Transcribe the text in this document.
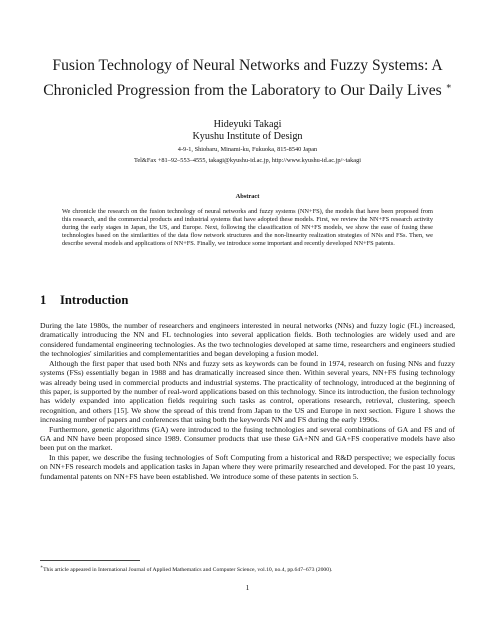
Fusion Technology of Neural Networks and Fuzzy Systems: A Chronicled Progression from the Laboratory to Our Daily Lives ∗
Hideyuki Takagi
Kyushu Institute of Design
4-9-1, Shiobaru, Minami-ku, Fukuoka, 815-8540 Japan
Tel&Fax +81–92–553–4555, takagi@kyushu-id.ac.jp, http://www.kyushu-id.ac.jp/~takagi
Abstract
We chronicle the research on the fusion technology of neural networks and fuzzy systems (NN+FS), the models that have been proposed from this research, and the commercial products and industrial systems that have adopted these models. First, we review the NN+FS research activity during the early stages in Japan, the US, and Europe. Next, following the classification of NN+FS models, we show the ease of fusing these technologies based on the similarities of the data flow network structures and the non-linearity realization strategies of NNs and FSs. Then, we describe several models and applications of NN+FS. Finally, we introduce some important and recently developed NN+FS patents.
1 Introduction

During the late 1980s, the number of researchers and engineers interested in neural networks (NNs) and fuzzy logic (FL) increased, dramatically introducing the NN and FL technologies into several application fields. Both technologies are widely used and are considered fundamental engineering technologies. As the two technologies developed at same time, researchers and engineers studied the technologies' similarities and complementarities and began developing a fusion model.

Although the first paper that used both NNs and fuzzy sets as keywords can be found in 1974, research on fusing NNs and fuzzy systems (FSs) essentially began in 1988 and has dramatically increased since then. Within several years, NN+FS fusing technology was already being used in commercial products and industrial systems. The practicality of technology, introduced at the beginning of this paper, is supported by the number of real-word applications based on this technology. Since its introduction, the fusion technology has widely expanded into application fields requiring such tasks as control, operations research, retrieval, clustering, speech recognition, and others [15]. We show the spread of this trend from Japan to the US and Europe in next section. Figure 1 shows the increasing number of papers and conferences that using both the keywords NN and FS during the early 1990s.

Furthermore, genetic algorithms (GA) were introduced to the fusing technologies and several combinations of GA and FS and of GA and NN have been proposed since 1989. Consumer products that use these GA+NN and GA+FS cooperative models have also been put on the market.

In this paper, we describe the fusing technologies of Soft Computing from a historical and R&D perspective; we especially focus on NN+FS research models and application tasks in Japan where they were primarily researched and developed. For the past 10 years, fundamental patents on NN+FS have been established. We introduce some of these patents in section 5.

∗This article appeared in International Journal of Applied Mathematics and Computer Science, vol.10, no.4, pp.647–673 (2000).
1
